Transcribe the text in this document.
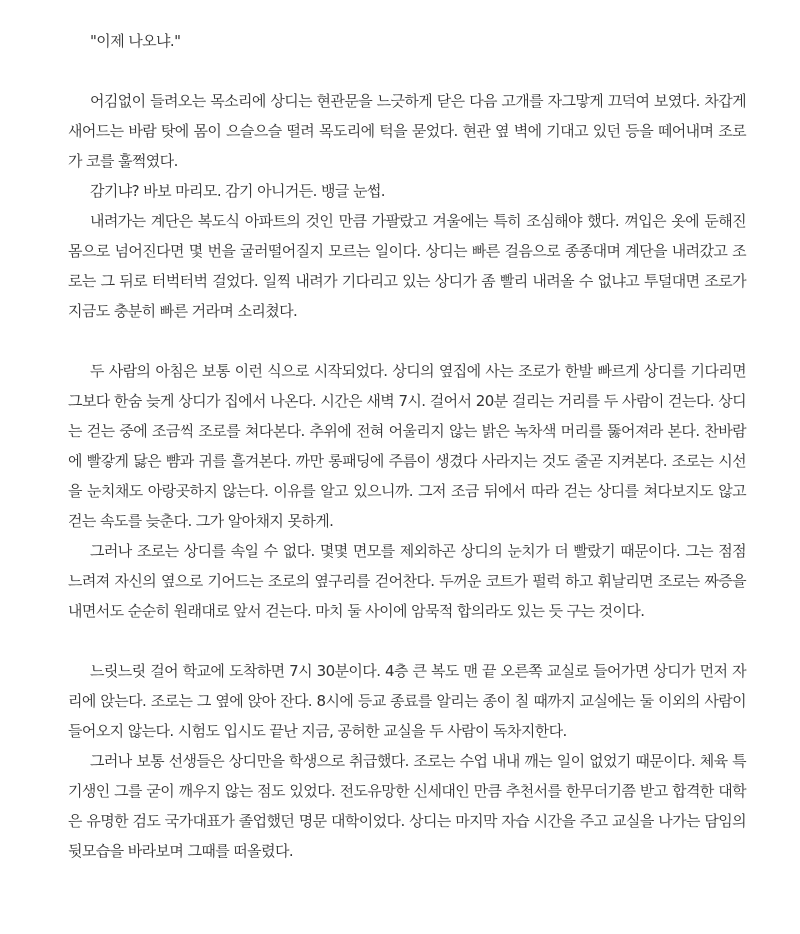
"이제 나오냐."

어김없이 들려오는 목소리에 상디는 현관문을 느긋하게 닫은 다음 고개를 자그맣게 끄덕여 보였다. 차갑게 새어드는 바람 탓에 몸이 으슬으슬 떨려 목도리에 턱을 묻었다. 현관 옆 벽에 기대고 있던 등을 떼어내며 조로가 코를 훌쩍였다.

감기냐? 바보 마리모. 감기 아니거든. 뱅글 눈썹.

내려가는 계단은 복도식 아파트의 것인 만큼 가팔랐고 겨울에는 특히 조심해야 했다. 껴입은 옷에 둔해진 몸으로 넘어진다면 몇 번을 굴러떨어질지 모르는 일이다. 상디는 빠른 걸음으로 종종대며 계단을 내려갔고 조로는 그 뒤로 터벅터벅 걸었다. 일찍 내려가 기다리고 있는 상디가 좀 빨리 내려올 수 없냐고 투덜대면 조로가 지금도 충분히 빠른 거라며 소리쳤다.

두 사람의 아침은 보통 이런 식으로 시작되었다. 상디의 옆집에 사는 조로가 한발 빠르게 상디를 기다리면 그보다 한숨 늦게 상디가 집에서 나온다. 시간은 새벽 7시. 걸어서 20분 걸리는 거리를 두 사람이 걷는다. 상디는 걷는 중에 조금씩 조로를 쳐다본다. 추위에 전혀 어울리지 않는 밝은 녹차색 머리를 뚫어져라 본다. 찬바람에 빨갛게 닳은 뺨과 귀를 흘겨본다. 까만 롱패딩에 주름이 생겼다 사라지는 것도 줄곧 지켜본다. 조로는 시선을 눈치채도 아랑곳하지 않는다. 이유를 알고 있으니까. 그저 조금 뒤에서 따라 걷는 상디를 쳐다보지도 않고 걷는 속도를 늦춘다. 그가 알아채지 못하게.

그러나 조로는 상디를 속일 수 없다. 몇몇 면모를 제외하곤 상디의 눈치가 더 빨랐기 때문이다. 그는 점점 느려져 자신의 옆으로 기어드는 조로의 옆구리를 걷어찬다. 두꺼운 코트가 펄럭 하고 휘날리면 조로는 짜증을 내면서도 순순히 원래대로 앞서 걷는다. 마치 둘 사이에 암묵적 합의라도 있는 듯 구는 것이다.

느릿느릿 걸어 학교에 도착하면 7시 30분이다. 4층 큰 복도 맨 끝 오른쪽 교실로 들어가면 상디가 먼저 자리에 앉는다. 조로는 그 옆에 앉아 잔다. 8시에 등교 종료를 알리는 종이 칠 때까지 교실에는 둘 이외의 사람이 들어오지 않는다. 시험도 입시도 끝난 지금, 공허한 교실을 두 사람이 독차지한다.

그러나 보통 선생들은 상디만을 학생으로 취급했다. 조로는 수업 내내 깨는 일이 없었기 때문이다. 체육 특기생인 그를 굳이 깨우지 않는 점도 있었다. 전도유망한 신세대인 만큼 추천서를 한무더기쯤 받고 합격한 대학은 유명한 검도 국가대표가 졸업했던 명문 대학이었다. 상디는 마지막 자습 시간을 주고 교실을 나가는 담임의 뒷모습을 바라보며 그때를 떠올렸다.
